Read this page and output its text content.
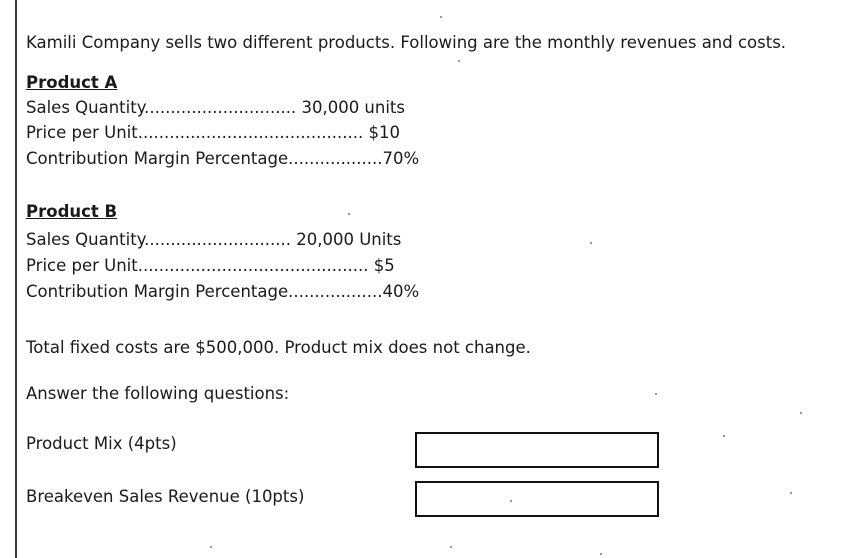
Kamili Company sells two different products. Following are the monthly revenues and costs.
Product A
Sales Quantity............................. 30,000 units
Price per Unit........................................... $10
Contribution Margin Percentage..................70%
Product B
Sales Quantity............................ 20,000 Units
Price per Unit............................................ $5
Contribution Margin Percentage..................40%
Total fixed costs are $500,000. Product mix does not change.
Answer the following questions:
Product Mix (4pts)
Breakeven Sales Revenue (10pts)
